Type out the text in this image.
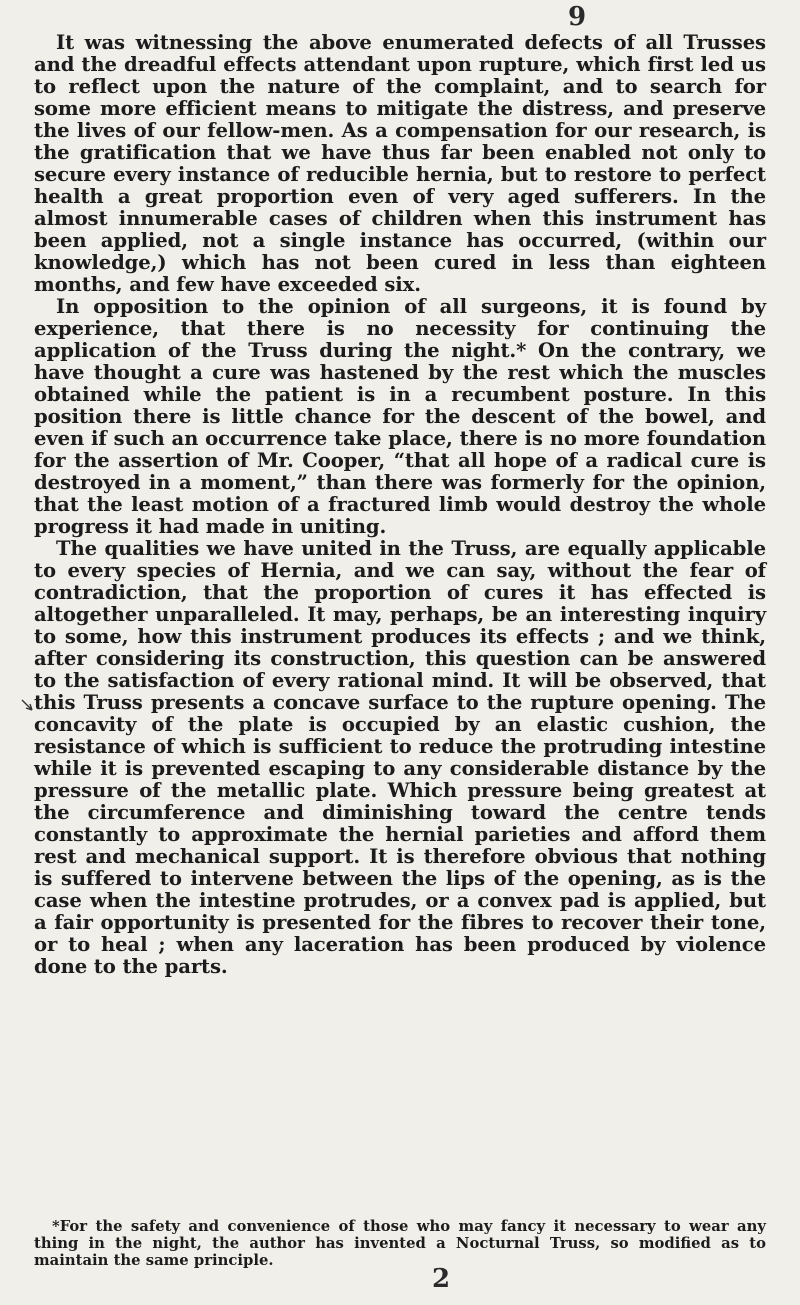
9

It was witnessing the above enumerated defects of all Trusses and the dreadful effects attendant upon rupture, which first led us to reflect upon the nature of the complaint, and to search for some more efficient means to mitigate the distress, and preserve the lives of our fellow-men. As a compensation for our research, is the gratification that we have thus far been enabled not only to secure every instance of reducible hernia, but to restore to perfect health a great proportion even of very aged sufferers. In the almost innumerable cases of children when this instrument has been applied, not a single instance has occurred, (within our knowledge,) which has not been cured in less than eighteen months, and few have exceeded six.

In opposition to the opinion of all surgeons, it is found by experience, that there is no necessity for continuing the application of the Truss during the night.* On the contrary, we have thought a cure was hastened by the rest which the muscles obtained while the patient is in a recumbent posture. In this position there is little chance for the descent of the bowel, and even if such an occurrence take place, there is no more foundation for the assertion of Mr. Cooper, “that all hope of a radical cure is destroyed in a moment,” than there was formerly for the opinion, that the least motion of a fractured limb would destroy the whole progress it had made in uniting.

The qualities we have united in the Truss, are equally applicable to every species of Hernia, and we can say, without the fear of contradiction, that the proportion of cures it has effected is altogether unparalleled. It may, perhaps, be an interesting inquiry to some, how this instrument produces its effects ; and we think, after considering its construction, this question can be answered to the satisfaction of every rational mind. It will be observed, that this Truss presents a concave surface to the rupture opening. The concavity of the plate is occupied by an elastic cushion, the resistance of which is sufficient to reduce the protruding intestine while it is prevented escaping to any considerable distance by the pressure of the metallic plate. Which pressure being greatest at the circumference and diminishing toward the centre tends constantly to approximate the hernial parieties and afford them rest and mechanical support. It is therefore obvious that nothing is suffered to intervene between the lips of the opening, as is the case when the intestine protrudes, or a convex pad is applied, but a fair opportunity is presented for the fibres to recover their tone, or to heal ; when any laceration has been produced by violence done to the parts.

*For the safety and convenience of those who may fancy it necessary to wear any thing in the night, the author has invented a Nocturnal Truss, so modified as to maintain the same principle.

2
